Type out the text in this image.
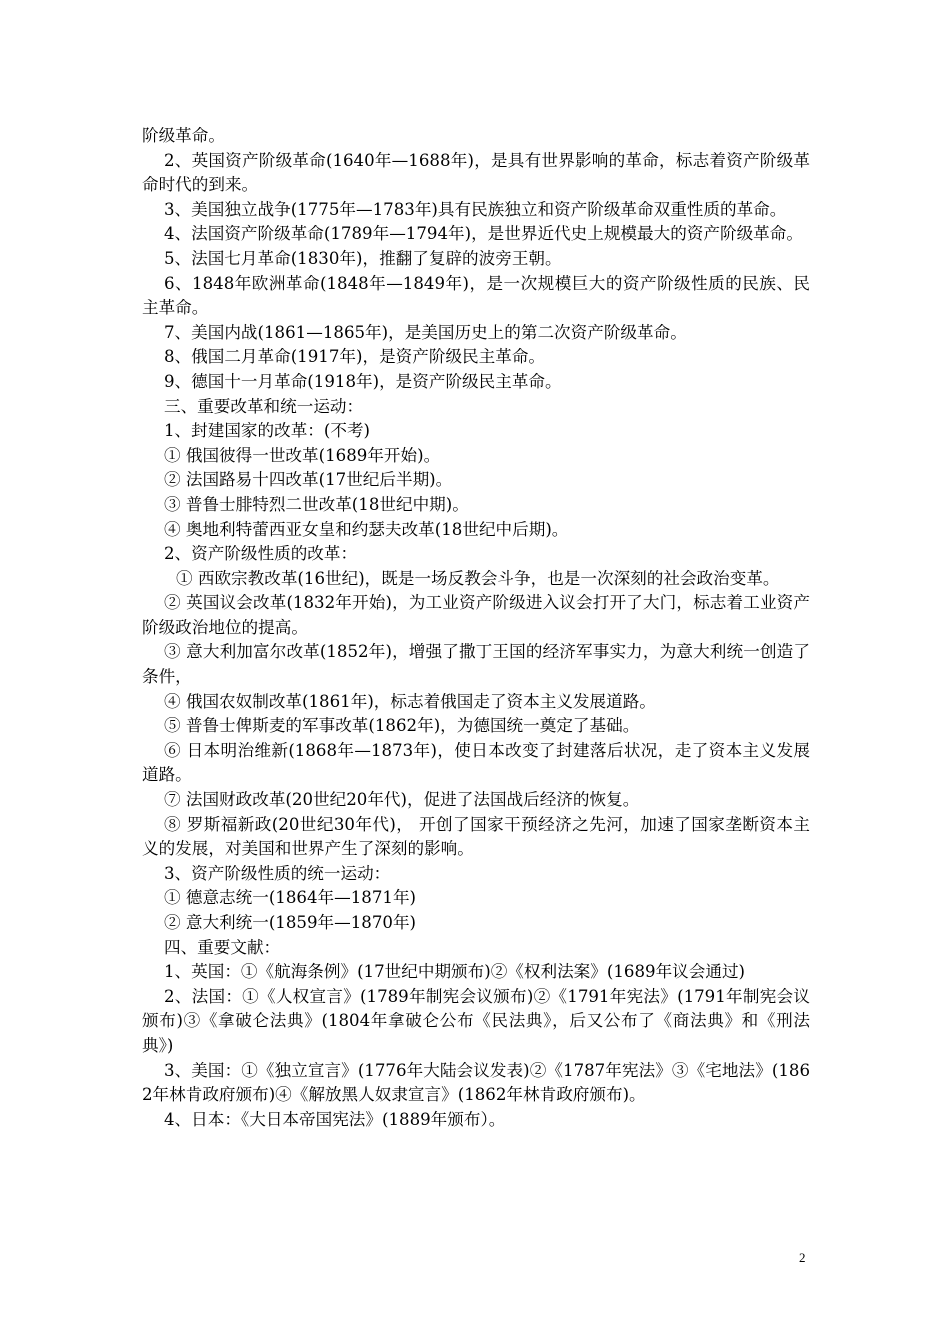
阶级革命。

2、英国资产阶级革命(1640年—1688年)，是具有世界影响的革命，标志着资产阶级革命时代的到来。

3、美国独立战争(1775年—1783年)具有民族独立和资产阶级革命双重性质的革命。

4、法国资产阶级革命(1789年—1794年)，是世界近代史上规模最大的资产阶级革命。

5、法国七月革命(1830年)，推翻了复辟的波旁王朝。

6、1848年欧洲革命(1848年—1849年)，是一次规模巨大的资产阶级性质的民族、民主革命。

7、美国内战(1861—1865年)，是美国历史上的第二次资产阶级革命。

8、俄国二月革命(1917年)，是资产阶级民主革命。

9、德国十一月革命(1918年)，是资产阶级民主革命。

三、重要改革和统一运动：

1、封建国家的改革：(不考)

① 俄国彼得一世改革(1689年开始)。

② 法国路易十四改革(17世纪后半期)。

③ 普鲁士腓特烈二世改革(18世纪中期)。

④ 奥地利特蕾西亚女皇和约瑟夫改革(18世纪中后期)。

2、资产阶级性质的改革：

① 西欧宗教改革(16世纪)，既是一场反教会斗争，也是一次深刻的社会政治变革。

② 英国议会改革(1832年开始)，为工业资产阶级进入议会打开了大门，标志着工业资产阶级政治地位的提高。

③ 意大利加富尔改革(1852年)，增强了撒丁王国的经济军事实力，为意大利统一创造了条件，

④ 俄国农奴制改革(1861年)，标志着俄国走了资本主义发展道路。

⑤ 普鲁士俾斯麦的军事改革(1862年)，为德国统一奠定了基础。

⑥ 日本明治维新(1868年—1873年)，使日本改变了封建落后状况，走了资本主义发展道路。

⑦ 法国财政改革(20世纪20年代)，促进了法国战后经济的恢复。

⑧ 罗斯福新政(20世纪30年代)， 开创了国家干预经济之先河，加速了国家垄断资本主义的发展，对美国和世界产生了深刻的影响。

3、资产阶级性质的统一运动：

① 德意志统一(1864年—1871年)

② 意大利统一(1859年—1870年)

四、重要文献：

1、英国：①《航海条例》(17世纪中期颁布)②《权利法案》(1689年议会通过)

2、法国：①《人权宣言》(1789年制宪会议颁布)②《1791年宪法》(1791年制宪会议颁布)③《拿破仑法典》(1804年拿破仑公布《民法典》，后又公布了《商法典》和《刑法典》)

3、美国：①《独立宣言》(1776年大陆会议发表)②《1787年宪法》③《宅地法》(1862年林肯政府颁布)④《解放黑人奴隶宣言》(1862年林肯政府颁布)。

4、日本：《大日本帝国宪法》(1889年颁布）。

2
